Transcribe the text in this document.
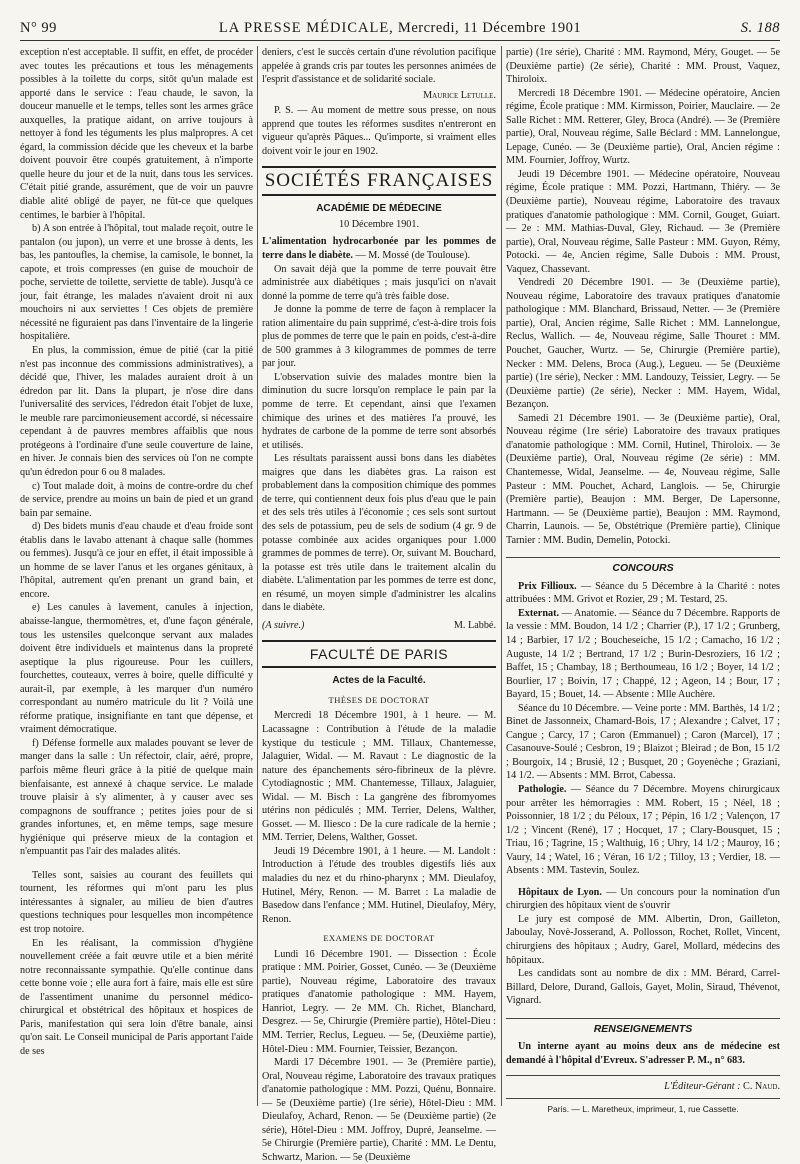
N° 99	LA PRESSE MÉDICALE, Mercredi, 11 Décembre 1901	S. 188

exception n'est acceptable. Il suffit, en effet, de procéder avec toutes les précautions et tous les ménagements possibles à la toilette du corps, sitôt qu'un malade est apporté dans le service : l'eau chaude, le savon, la douceur manuelle et le temps, telles sont les armes grâce auxquelles, la pratique aidant, on arrive toujours à nettoyer à fond les téguments les plus malpropres. A cet égard, la commission décide que les cheveux et la barbe doivent pouvoir être coupés gratuitement, à n'importe quelle heure du jour et de la nuit, dans tous les services. C'était pitié grande, assurément, que de voir un pauvre diable alité obligé de payer, ne fût-ce que quelques centimes, le barbier à l'hôpital.

b) A son entrée à l'hôpital, tout malade reçoit, outre le pantalon (ou jupon), un verre et une brosse à dents, les bas, les pantoufles, la chemise, la camisole, le bonnet, la capote, et trois compresses (en guise de mouchoir de poche, serviette de toilette, serviette de table). Jusqu'à ce jour, fait étrange, les malades n'avaient droit ni aux mouchoirs ni aux serviettes ! Ces objets de première nécessité ne figuraient pas dans l'inventaire de la lingerie hospitalière.

En plus, la commission, émue de pitié (car la pitié n'est pas inconnue des commissions administratives), a décidé que, l'hiver, les malades auraient droit à un édredon par lit. Dans la plupart, je n'ose dire dans l'universalité des services, l'édredon était l'objet de luxe, le meuble rare parcimonieusement accordé, si nécessaire cependant à de pauvres membres affaiblis que nous protégeons à l'ordinaire d'une seule couverture de laine, en hiver. Je connais bien des services où l'on ne compte qu'un édredon pour 6 ou 8 malades.

c) Tout malade doit, à moins de contre-ordre du chef de service, prendre au moins un bain de pied et un grand bain par semaine.

d) Des bidets munis d'eau chaude et d'eau froide sont établis dans le lavabo attenant à chaque salle (hommes ou femmes). Jusqu'à ce jour en effet, il était impossible à un homme de se laver l'anus et les organes génitaux, à l'hôpital, autrement qu'en prenant un grand bain, et encore.

e) Les canules à lavement, canules à injection, abaisse-langue, thermomètres, et, d'une façon générale, tous les ustensiles quelconque servant aux malades doivent être individuels et maintenus dans la propreté aseptique la plus rigoureuse. Pour les cuillers, fourchettes, couteaux, verres à boire, quelle difficulté y aurait-il, par exemple, à les marquer d'un numéro correspondant au numéro matricule du lit ? Voilà une réforme pratique, insignifiante en tant que dépense, et vraiment démocratique.

f) Défense formelle aux malades pouvant se lever de manger dans la salle : Un réfectoir, clair, aéré, propre, parfois même fleuri grâce à la pitié de quelque main bienfaisante, est annexé à chaque service. Le malade trouve plaisir à s'y alimenter, à y causer avec ses compagnons de souffrance ; petites joies pour de si grandes infortunes, et, en même temps, sage mesure hygiénique qui préserve mieux de la contagion et n'empuantit pas l'air des malades alités.

Telles sont, saisies au courant des feuillets qui tournent, les réformes qui m'ont paru les plus intéressantes à signaler, au milieu de bien d'autres questions techniques pour lesquelles mon incompétence est trop notoire.

En les réalisant, la commission d'hygiène nouvellement créée a fait œuvre utile et a bien mérité notre reconnaissante sympathie. Qu'elle continue dans cette bonne voie ; elle aura fort à faire, mais elle est sûre de l'assentiment unanime du personnel médico-chirurgical et obstétrical des hôpitaux et hospices de Paris, manifestation qui sera loin d'être banale, ainsi qu'on sait. Le Conseil municipal de Paris apportant l'aide de ses

deniers, c'est le succès certain d'une révolution pacifique appelée à grands cris par toutes les personnes animées de l'esprit d'assistance et de solidarité sociale.

Maurice Letulle.

P. S. — Au moment de mettre sous presse, on nous apprend que toutes les réformes susdites n'entreront en vigueur qu'après Pâques... Qu'importe, si vraiment elles doivent voir le jour en 1902.

SOCIÉTÉS FRANÇAISES
ACADÉMIE DE MÉDECINE
10 Décembre 1901.

L'alimentation hydrocarbonée par les pommes de terre dans le diabète. — M. Mossé (de Toulouse).

On savait déjà que la pomme de terre pouvait être administrée aux diabétiques ; mais jusqu'ici on n'avait donné la pomme de terre qu'à très faible dose.

Je donne la pomme de terre de façon à remplacer la ration alimentaire du pain supprimé, c'est-à-dire trois fois plus de pommes de terre que le pain en poids, c'est-à-dire de 500 grammes à 3 kilogrammes de pommes de terre par jour.

L'observation suivie des malades montre bien la diminution du sucre lorsqu'on remplace le pain par la pomme de terre. Et cependant, ainsi que l'examen chimique des urines et des matières l'a prouvé, les hydrates de carbone de la pomme de terre sont absorbés et utilisés.

Les résultats paraissent aussi bons dans les diabètes maigres que dans les diabètes gras. La raison est probablement dans la composition chimique des pommes de terre, qui contiennent deux fois plus d'eau que le pain et des sels très utiles à l'économie ; ces sels sont surtout des sels de potassium, peu de sels de sodium (4 gr. 9 de potasse combinée aux acides organiques pour 1.000 grammes de pommes de terre). Or, suivant M. Bouchard, la potasse est très utile dans le traitement alcalin du diabète. L'alimentation par les pommes de terre est donc, en résumé, un moyen simple d'administrer les alcalins dans le diabète.

(A suivre.)	M. Labbé.
FACULTÉ DE PARIS
Actes de la Faculté.
THÈSES DE DOCTORAT

Mercredi 18 Décembre 1901, à 1 heure. — M. Lacassagne : Contribution à l'étude de la maladie kystique du testicule ; MM. Tillaux, Chantemesse, Jalaguier, Widal. — M. Ravaut : Le diagnostic de la nature des épanchements séro-fibrineux de la plèvre. Cytodiagnostic ; MM. Chantemesse, Tillaux, Jalaguier, Widal. — M. Bisch : La gangrène des fibromyomes utérins non pédiculés ; MM. Terrier, Delens, Walther, Gosset. — M. Iliesco : De la cure radicale de la hernie ; MM. Terrier, Delens, Walther, Gosset.

Jeudi 19 Décembre 1901, à 1 heure. — M. Landolt : Introduction à l'étude des troubles digestifs liés aux maladies du nez et du rhino-pharynx ; MM. Dieulafoy, Hutinel, Méry, Renon. — M. Barret : La maladie de Basedow dans l'enfance ; MM. Hutinel, Dieulafoy, Méry, Renon.

EXAMENS DE DOCTORAT

Lundi 16 Décembre 1901. — Dissection : École pratique : MM. Poirier, Gosset, Cunéo. — 3e (Deuxième partie), Nouveau régime, Laboratoire des travaux pratiques d'anatomie pathologique : MM. Hayem, Hanriot, Legry. — 2e MM. Ch. Richet, Blanchard, Desgrez. — 5e, Chirurgie (Première partie), Hôtel-Dieu : MM. Terrier, Reclus, Legueu. — 5e, (Deuxième partie), Hôtel-Dieu : MM. Fournier, Teissier, Bezançon.

Mardi 17 Décembre 1901. — 3e (Première partie), Oral, Nouveau régime, Laboratoire des travaux pratiques d'anatomie pathologique : MM. Pozzi, Quénu, Bonnaire. — 5e (Deuxième partie) (1re série), Hôtel-Dieu : MM. Dieulafoy, Achard, Renon. — 5e (Deuxième partie) (2e série), Hôtel-Dieu : MM. Joffroy, Dupré, Jeanselme. — 5e Chirurgie (Première partie), Charité : MM. Le Dentu, Schwartz, Marion. — 5e (Deuxième

partie) (1re série), Charité : MM. Raymond, Méry, Gouget. — 5e (Deuxième partie) (2e série), Charité : MM. Proust, Vaquez, Thiroloix.

Mercredi 18 Décembre 1901. — Médecine opératoire, Ancien régime, École pratique : MM. Kirmisson, Poirier, Mauclaire. — 2e Salle Richet : MM. Retterer, Gley, Broca (André). — 3e (Première partie), Oral, Nouveau régime, Salle Béclard : MM. Lannelongue, Lepage, Cunéo. — 3e (Deuxième partie), Oral, Ancien régime : MM. Fournier, Joffroy, Wurtz.

Jeudi 19 Décembre 1901. — Médecine opératoire, Nouveau régime, École pratique : MM. Pozzi, Hartmann, Thiéry. — 3e (Deuxième partie), Nouveau régime, Laboratoire des travaux pratiques d'anatomie pathologique : MM. Cornil, Gouget, Guiart. — 2e : MM. Mathias-Duval, Gley, Richaud. — 3e (Première partie), Oral, Nouveau régime, Salle Pasteur : MM. Guyon, Rémy, Potocki. — 4e, Ancien régime, Salle Dubois : MM. Proust, Vaquez, Chassevant.

Vendredi 20 Décembre 1901. — 3e (Deuxième partie), Nouveau régime, Laboratoire des travaux pratiques d'anatomie pathologique : MM. Blanchard, Brissaud, Netter. — 3e (Première partie), Oral, Ancien régime, Salle Richet : MM. Lannelongue, Reclus, Wallich. — 4e, Nouveau régime, Salle Thouret : MM. Pouchet, Gaucher, Wurtz. — 5e, Chirurgie (Première partie), Necker : MM. Delens, Broca (Aug.), Legueu. — 5e (Deuxième partie) (1re série), Necker : MM. Landouzy, Teissier, Legry. — 5e (Deuxième partie) (2e série), Necker : MM. Hayem, Widal, Bezançon.

Samedi 21 Décembre 1901. — 3e (Deuxième partie), Oral, Nouveau régime (1re série) Laboratoire des travaux pratiques d'anatomie pathologique : MM. Cornil, Hutinel, Thiroloix. — 3e (Deuxième partie), Oral, Nouveau régime (2e série) : MM. Chantemesse, Widal, Jeanselme. — 4e, Nouveau régime, Salle Pasteur : MM. Pouchet, Achard, Langlois. — 5e, Chirurgie (Première partie), Beaujon : MM. Berger, De Lapersonne, Hartmann. — 5e (Deuxième partie), Beaujon : MM. Raymond, Charrin, Launois. — 5e, Obstétrique (Première partie), Clinique Tarnier : MM. Budin, Demelin, Potocki.

CONCOURS

Prix Fillioux. — Séance du 5 Décembre à la Charité : notes attribuées : MM. Grivot et Rozier, 29 ; M. Testard, 25.

Externat. — Anatomie. — Séance du 7 Décembre. Rapports de la vessie : MM. Boudon, 14 1/2 ; Charrier (P.), 17 1/2 ; Grunberg, 14 ; Barbier, 17 1/2 ; Boucheseiche, 15 1/2 ; Camacho, 16 1/2 ; Auguste, 14 1/2 ; Bertrand, 17 1/2 ; Burin-Desroziers, 16 1/2 ; Baffet, 15 ; Chambay, 18 ; Berthoumeau, 16 1/2 ; Boyer, 14 1/2 ; Bourlier, 17 ; Boivin, 17 ; Chappé, 12 ; Ageon, 14 ; Bour, 17 ; Bayard, 15 ; Bouet, 14. — Absente : Mlle Auchère.

Séance du 10 Décembre. — Veine porte : MM. Barthès, 14 1/2 ; Binet de Jassonneix, Chamard-Bois, 17 ; Alexandre ; Calvet, 17 ; Cangue ; Carcy, 17 ; Caron (Emmanuel) ; Caron (Marcel), 17 ; Casanouve-Soulé ; Cesbron, 19 ; Blaizot ; Bleirad ; de Bon, 15 1/2 ; Bourgoix, 14 ; Brusié, 12 ; Busquet, 20 ; Goyenèche ; Graziani, 14 1/2. — Absents : MM. Brrot, Cabessa.

Pathologie. — Séance du 7 Décembre. Moyens chirurgicaux pour arrêter les hémorragies : MM. Robert, 15 ; Néel, 18 ; Poissonnier, 18 1/2 ; du Péloux, 17 ; Pépin, 16 1/2 ; Valençon, 17 1/2 ; Vincent (René), 17 ; Hocquet, 17 ; Clary-Bousquet, 15 ; Triau, 16 ; Tagrine, 15 ; Walthuig, 16 ; Uhry, 14 1/2 ; Mauroy, 16 ; Vaury, 14 ; Watel, 16 ; Véran, 16 1/2 ; Tilloy, 13 ; Verdier, 18. — Absents : MM. Tastevin, Soulez.

Hôpitaux de Lyon. — Un concours pour la nomination d'un chirurgien des hôpitaux vient de s'ouvrir

Le jury est composé de MM. Albertin, Dron, Gailleton, Jaboulay, Novè-Josserand, A. Pollosson, Rochet, Rollet, Vincent, chirurgiens des hôpitaux ; Audry, Garel, Mollard, médecins des hôpitaux.

Les candidats sont au nombre de dix : MM. Bérard, Carrel-Billard, Delore, Durand, Gallois, Gayet, Molin, Siraud, Thévenot, Vignard.

RENSEIGNEMENTS

Un interne ayant au moins deux ans de médecine est demandé à l'hôpital d'Evreux. S'adresser P. M., n° 683.

L'Éditeur-Gérant : C. Naud.
Paris. — L. Maretheux, imprimeur, 1, rue Cassette.
